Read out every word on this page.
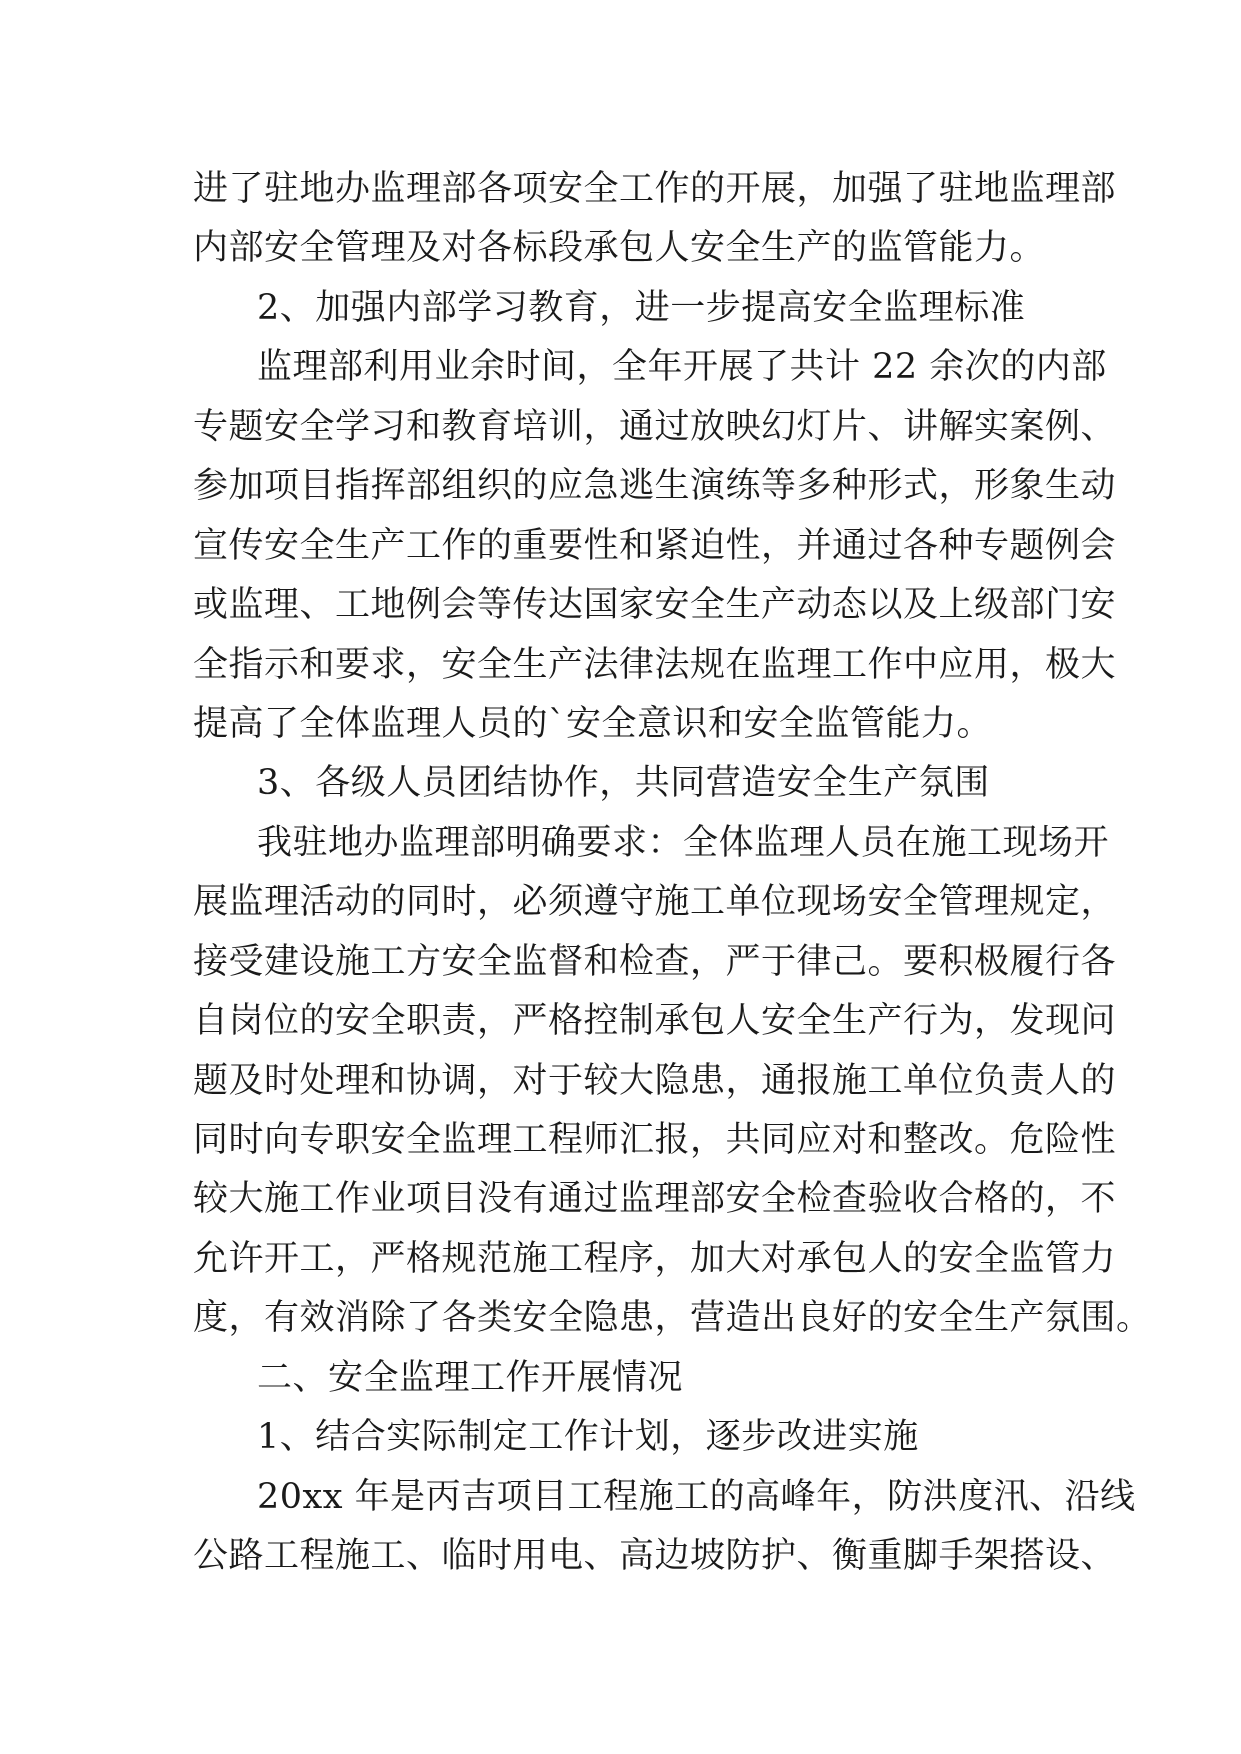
进了驻地办监理部各项安全工作的开展，加强了驻地监理部
内部安全管理及对各标段承包人安全生产的监管能力。
2、加强内部学习教育，进一步提高安全监理标准
监理部利用业余时间，全年开展了共计 22 余次的内部
专题安全学习和教育培训，通过放映幻灯片、讲解实案例、
参加项目指挥部组织的应急逃生演练等多种形式，形象生动
宣传安全生产工作的重要性和紧迫性，并通过各种专题例会
或监理、工地例会等传达国家安全生产动态以及上级部门安
全指示和要求，安全生产法律法规在监理工作中应用，极大
提高了全体监理人员的`安全意识和安全监管能力。
3、各级人员团结协作，共同营造安全生产氛围
我驻地办监理部明确要求：全体监理人员在施工现场开
展监理活动的同时，必须遵守施工单位现场安全管理规定，
接受建设施工方安全监督和检查，严于律己。要积极履行各
自岗位的安全职责，严格控制承包人安全生产行为，发现问
题及时处理和协调，对于较大隐患，通报施工单位负责人的
同时向专职安全监理工程师汇报，共同应对和整改。危险性
较大施工作业项目没有通过监理部安全检查验收合格的，不
允许开工，严格规范施工程序，加大对承包人的安全监管力
度，有效消除了各类安全隐患，营造出良好的安全生产氛围。
二、安全监理工作开展情况
1、结合实际制定工作计划，逐步改进实施
20xx 年是丙吉项目工程施工的高峰年，防洪度汛、沿线
公路工程施工、临时用电、高边坡防护、衡重脚手架搭设、
